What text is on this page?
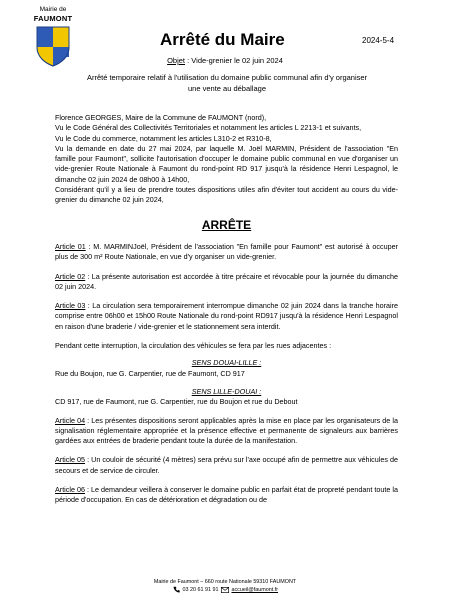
Mairie de
FAUMONT
Arrêté du Maire	2024-5-4
Objet : Vide-grenier le 02 juin 2024
Arrêté temporaire relatif à l'utilisation du domaine public communal afin d'y organiser une vente au déballage

Florence GEORGES, Maire de la Commune de FAUMONT (nord),

Vu le Code Général des Collectivités Territoriales et notamment les articles L 2213-1 et suivants,

Vu le Code du commerce, notamment les articles L310-2 et R310-8,

Vu la demande en date du 27 mai 2024, par laquelle M. Joël MARMIN, Président de l'association "En famille pour Faumont", sollicite l'autorisation d'occuper le domaine public communal en vue d'organiser un vide-grenier Route Nationale à Faumont du rond-point RD 917 jusqu'à la résidence Henri Lespagnol, le dimanche 02 juin 2024 de 08h00 à 14h00,

Considérant qu'il y a lieu de prendre toutes dispositions utiles afin d'éviter tout accident au cours du vide-grenier du dimanche 02 juin 2024,

ARRÊTE

Article 01 : M. MARMINJoël, Président de l'association "En famille pour Faumont" est autorisé à occuper plus de 300 m² Route Nationale, en vue d'y organiser un vide-grenier.

Article 02 : La présente autorisation est accordée à titre précaire et révocable pour la journée du dimanche 02 juin 2024.

Article 03 : La circulation sera temporairement interrompue dimanche 02 juin 2024 dans la tranche horaire comprise entre 06h00 et 15h00 Route Nationale du rond-point RD917 jusqu'à la résidence Henri Lespagnol en raison d'une braderie / vide-grenier et le stationnement sera interdit.

Pendant cette interruption, la circulation des véhicules se fera par les rues adjacentes :

SENS DOUAI-LILLE :

Rue du Boujon, rue G. Carpentier, rue de Faumont, CD 917

SENS LILLE-DOUAI :

CD 917, rue de Faumont, rue G. Carpentier, rue du Boujon et rue du Debout

Article 04 : Les présentes dispositions seront applicables après la mise en place par les organisateurs de la signalisation réglementaire appropriée et la présence effective et permanente de signaleurs aux barrières gardées aux entrées de braderie pendant toute la durée de la manifestation.

Article 05 : Un couloir de sécurité (4 mètres) sera prévu sur l'axe occupé afin de permettre aux véhicules de secours et de service de circuler.

Article 06 : Le demandeur veillera à conserver le domaine public en parfait état de propreté pendant toute la période d'occupation. En cas de détérioration et dégradation ou de

Mairie de Faumont – 660 route Nationale 59310 FAUMONT
03 20 61 91 91 accueil@faumont.fr
